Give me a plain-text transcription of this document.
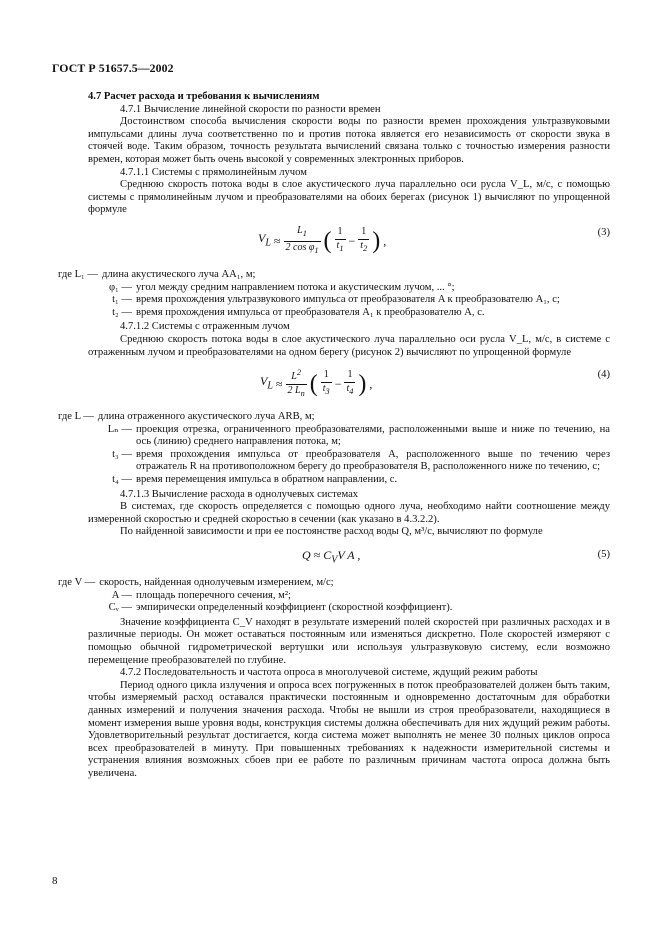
ГОСТ Р 51657.5—2002

4.7 Расчет расхода и требования к вычислениям

4.7.1 Вычисление линейной скорости по разности времен

Достоинством способа вычисления скорости воды по разности времен прохождения ультразвуковыми импульсами длины луча соответственно по и против потока является его независимость от скорости звука в стоячей воде. Таким образом, точность результата вычислений связана только с точностью измерения разности времен, которая может быть очень высокой у современных электронных приборов.

4.7.1.1 Системы с прямолинейным лучом

Среднюю скорость потока воды в слое акустического луча параллельно оси русла V_L, м/с, с помощью системы с прямолинейным лучом и преобразователями на обоих берегах (рисунок 1) вычисляют по упрощенной формуле

$V_L \approx \frac{L_1}{2 \cos \varphi_1}$ ( $\frac{1}{t_1} - \frac{1}{t_2}$ ) ,
(3)
где L₁ — длина акустического луча AA₁, м;
φ₁ — угол между средним направлением потока и акустическим лучом, ... °;
t₁ — время прохождения ультразвукового импульса от преобразователя A к преобразователю A₁, с;
t₂ — время прохождения импульса от преобразователя A₁ к преобразователю A, с.

4.7.1.2 Системы с отраженным лучом

Среднюю скорость потока воды в слое акустического луча параллельно оси русла V_L, м/с, в системе с отраженным лучом и преобразователями на одном берегу (рисунок 2) вычисляют по упрощенной формуле

$V_L \approx \frac{L^2}{2 L_n}$ ( $\frac{1}{t_3} - \frac{1}{t_4}$ ) ,
(4)
где L — длина отраженного акустического луча ARB, м;
Lₙ — проекция отрезка, ограниченного преобразователями, расположенными выше и ниже по течению, на ось (линию) среднего направления потока, м;
t₃ — время прохождения импульса от преобразователя A, расположенного выше по течению через отражатель R на противоположном берегу до преобразователя B, расположенного ниже по течению, с;
t₄ — время перемещения импульса в обратном направлении, с.

4.7.1.3 Вычисление расхода в однолучевых системах

В системах, где скорость определяется с помощью одного луча, необходимо найти соотношение между измеренной скоростью и средней скоростью в сечении (как указано в 4.3.2.2).

По найденной зависимости и при ее постоянстве расход воды Q, м³/с, вычисляют по формуле

$Q \approx C_VV$ A ,	(5)
где V — скорость, найденная однолучевым измерением, м/с;
A — площадь поперечного сечения, м²;
Cᵥ — эмпирически определенный коэффициент (скоростной коэффициент).

Значение коэффициента C_V находят в результате измерений полей скоростей при различных расходах и в различные периоды. Он может оставаться постоянным или изменяться дискретно. Поле скоростей измеряют с помощью обычной гидрометрической вертушки или используя ультразвуковую систему, если возможно перемещение преобразователей по глубине.

4.7.2 Последовательность и частота опроса в многолучевой системе, ждущий режим работы

Период одного цикла излучения и опроса всех погруженных в поток преобразователей должен быть таким, чтобы измеряемый расход оставался практически постоянным и одновременно достаточным для обработки данных измерений и получения значения расхода. Чтобы не вышли из строя преобразователи, находящиеся в момент измерения выше уровня воды, конструкция системы должна обеспечивать для них ждущий режим работы. Удовлетворительный результат достигается, когда система может выполнять не менее 30 полных циклов опроса всех преобразователей в минуту. При повышенных требованиях к надежности измерительной системы и устранения влияния возможных сбоев при ее работе по различным причинам частота опроса должна быть увеличена.

8
